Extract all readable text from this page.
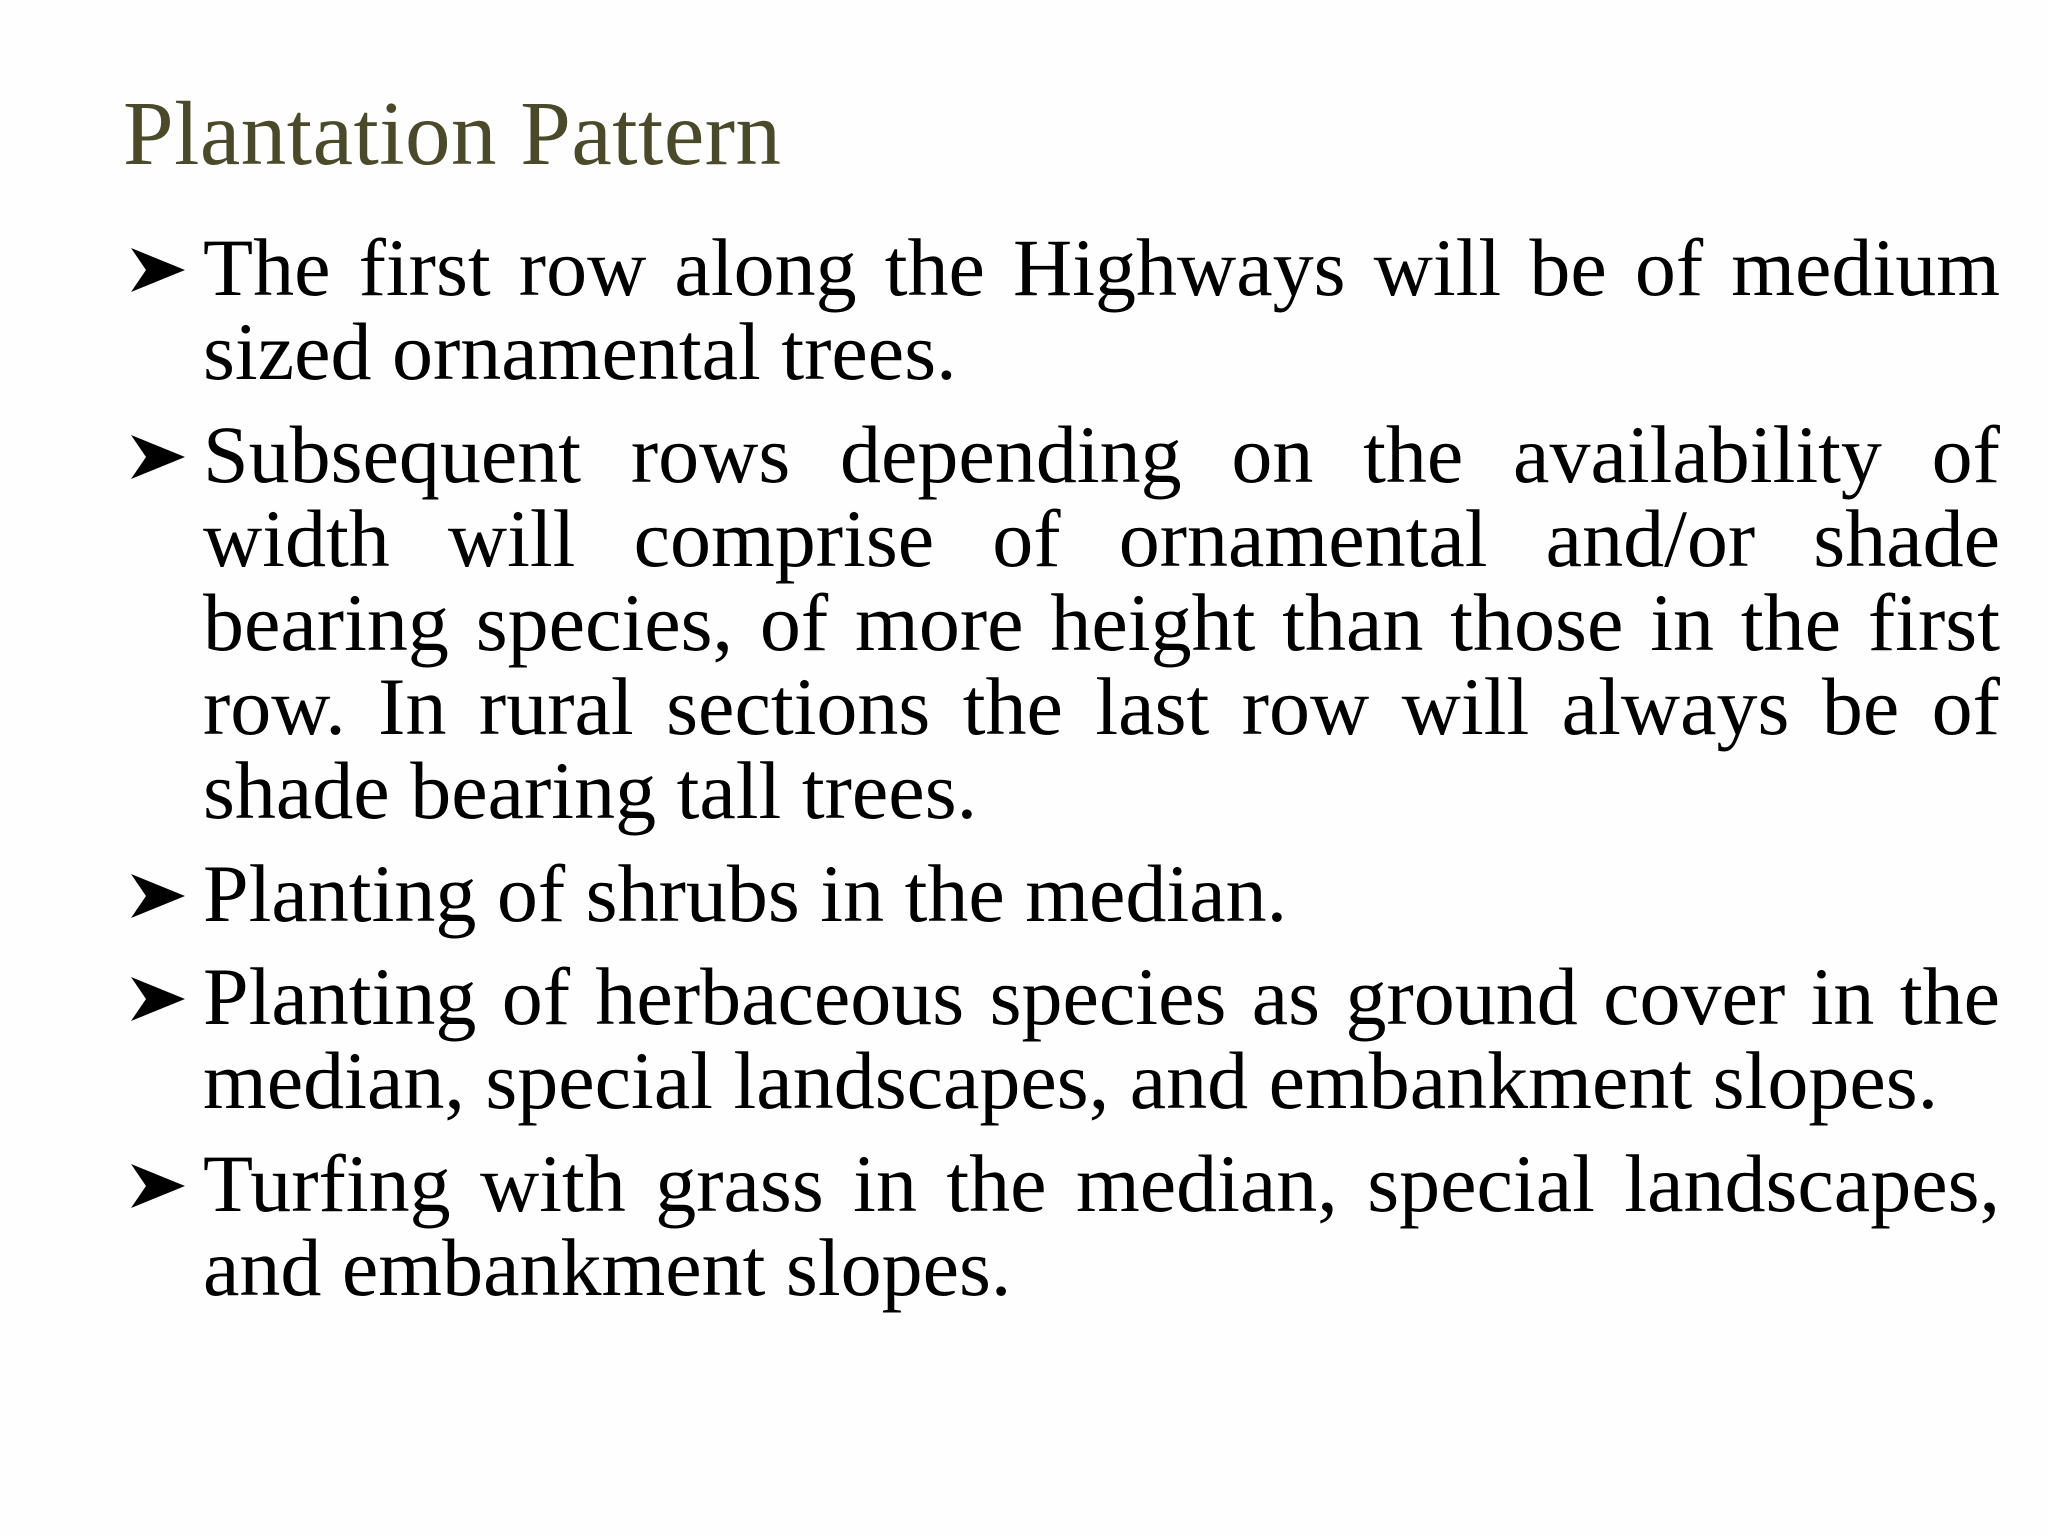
Plantation Pattern
The first row along the Highways will be of medium sized ornamental trees.
Subsequent rows depending on the availability of width will comprise of ornamental and/or shade bearing species, of more height than those in the first row. In rural sections the last row will always be of shade bearing tall trees.
Planting of shrubs in the median.
Planting of herbaceous species as ground cover in the median, special landscapes, and embankment slopes.
Turfing with grass in the median, special landscapes, and embankment slopes.
